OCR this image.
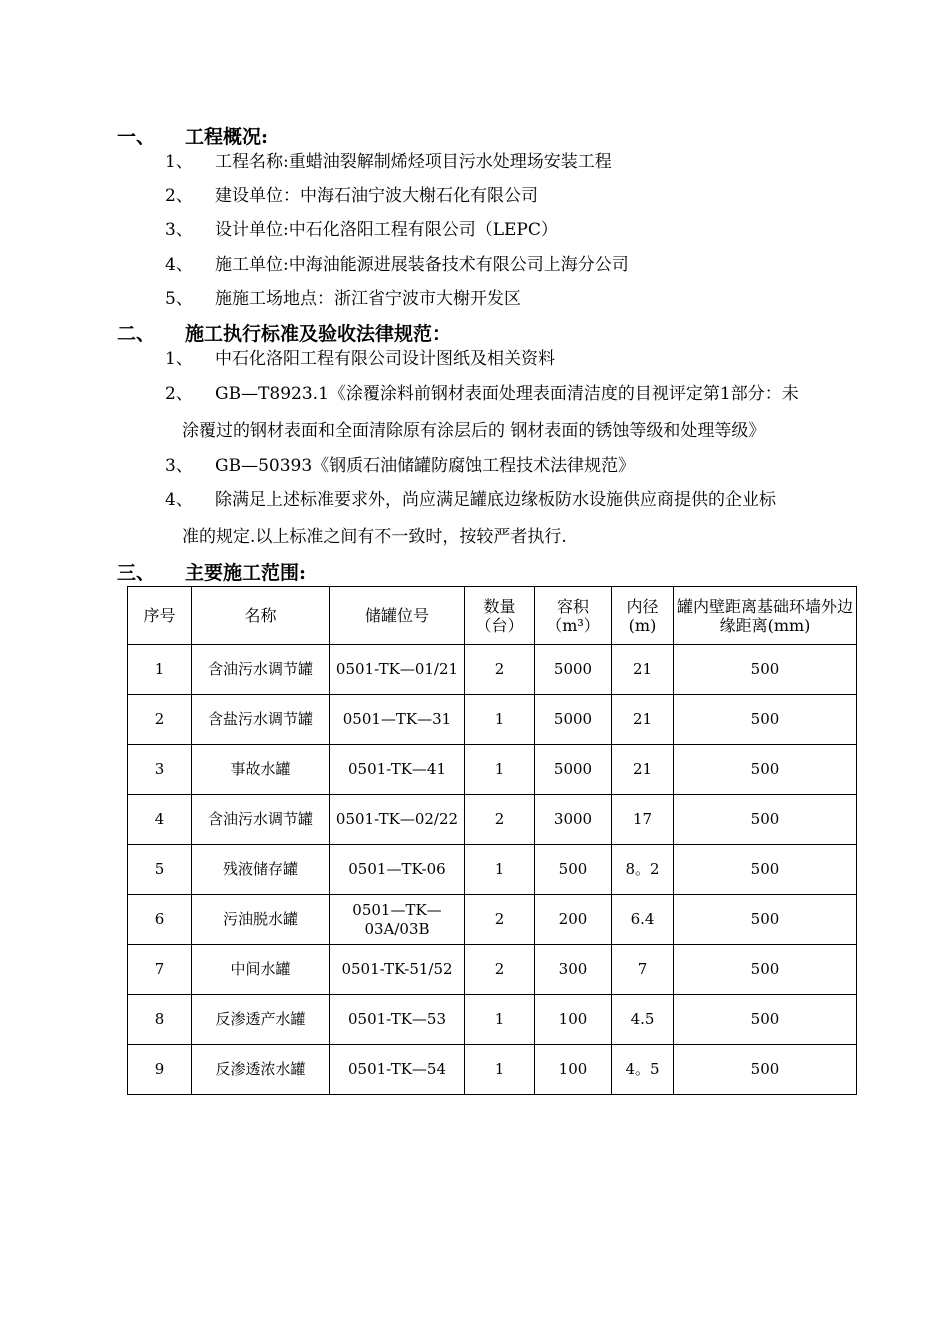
一、 工程概况:
1、 工程名称:重蜡油裂解制烯烃项目污水处理场安装工程
2、 建设单位：中海石油宁波大榭石化有限公司
3、 设计单位:中石化洛阳工程有限公司（LEPC）
4、 施工单位:中海油能源进展装备技术有限公司上海分公司
5、 施施工场地点：浙江省宁波市大榭开发区
二、 施工执行标准及验收法律规范：
1、 中石化洛阳工程有限公司设计图纸及相关资料
2、 GB—T8923.1《涂覆涂料前钢材表面处理表面清洁度的目视评定第1部分：未
涂覆过的钢材表面和全面清除原有涂层后的 钢材表面的锈蚀等级和处理等级》
3、 GB—50393《钢质石油储罐防腐蚀工程技术法律规范》
4、 除满足上述标准要求外，尚应满足罐底边缘板防水设施供应商提供的企业标
准的规定.以上标准之间有不一致时，按较严者执行.
三、 主要施工范围:
序号	名称	储罐位号	数量（台）	容积（m³）	内径(m)	罐内壁距离基础环墙外边缘距离(mm)
1	含油污水调节罐	0501-TK—01/21	2	5000	21	500
2	含盐污水调节罐	0501—TK—31	1	5000	21	500
3	事故水罐	0501-TK—41	1	5000	21	500
4	含油污水调节罐	0501-TK—02/22	2	3000	17	500
5	残液储存罐	0501—TK-06	1	500	8。2	500
6	污油脱水罐	0501—TK—03A/03B	2	200	6.4	500
7	中间水罐	0501-TK-51/52	2	300	7	500
8	反渗透产水罐	0501-TK—53	1	100	4.5	500
9	反渗透浓水罐	0501-TK—54	1	100	4。5	500
